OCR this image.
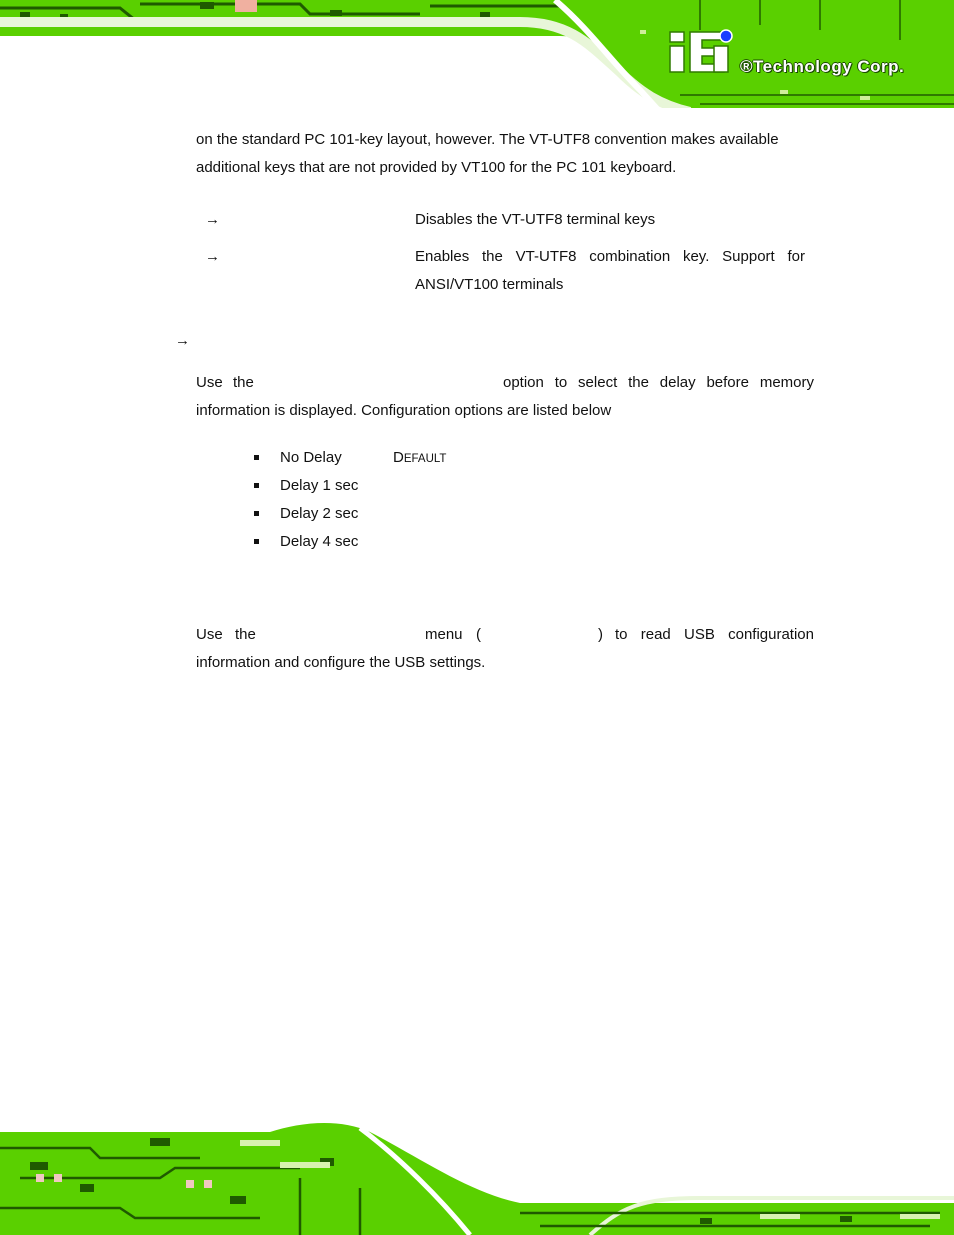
®Technology Corp.

on the standard PC 101-key layout, however. The VT-UTF8 convention makes available

additional keys that are not provided by VT100 for the PC 101 keyboard.

→	Disables the VT-UTF8 terminal keys

→	Enables the VT-UTF8 combination key. Support for

ANSI/VT100 terminals

→
Use the	option to select the delay before memory

information is displayed. Configuration options are listed below

No Delay	DEFAULT
Delay 1 sec
Delay 2 sec
Delay 4 sec
Use the	menu (	) to read USB configuration

information and configure the USB settings.
